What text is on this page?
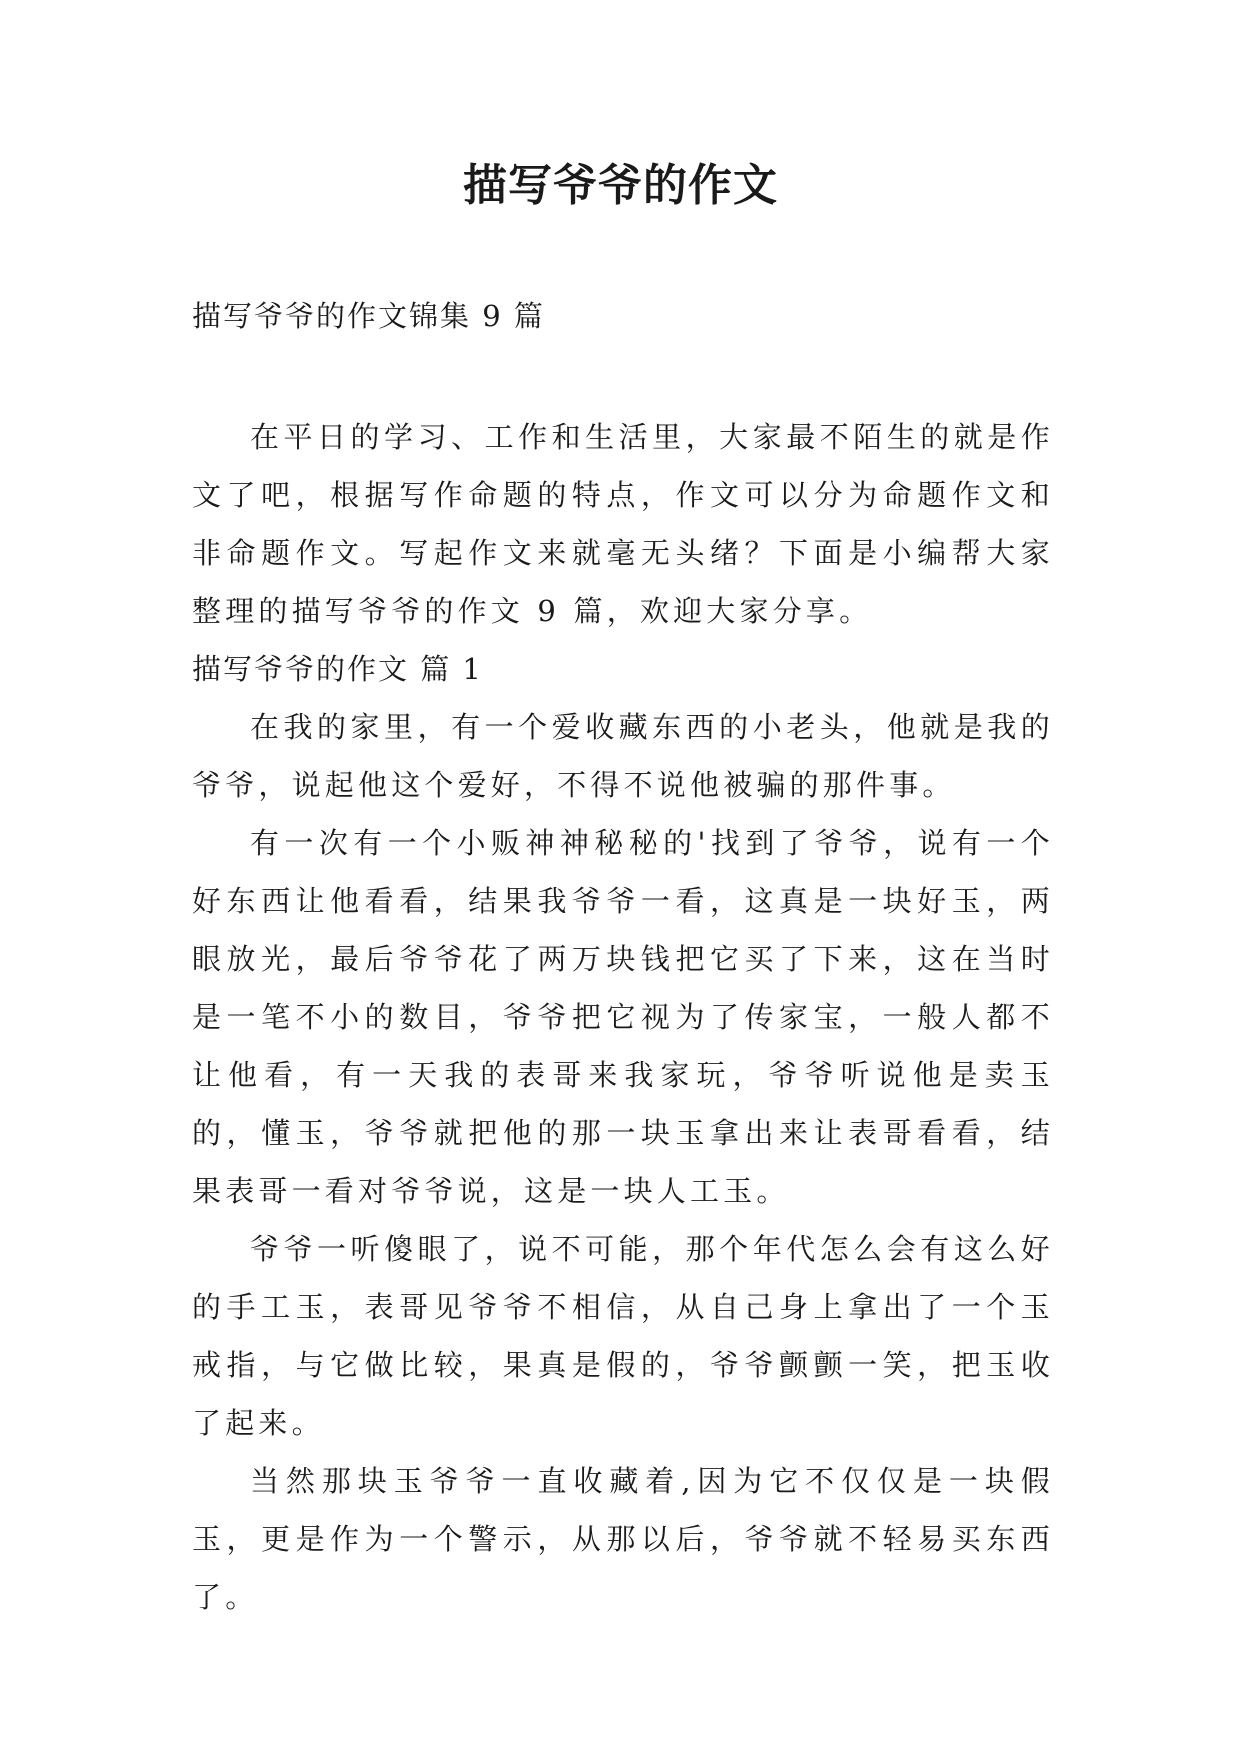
描写爷爷的作文
描写爷爷的作文锦集 9 篇

在平日的学习、工作和生活里，大家最不陌生的就是作文了吧，根据写作命题的特点，作文可以分为命题作文和非命题作文。写起作文来就毫无头绪？下面是小编帮大家整理的描写爷爷的作文 9 篇，欢迎大家分享。

描写爷爷的作文 篇 1

在我的家里，有一个爱收藏东西的小老头，他就是我的爷爷，说起他这个爱好，不得不说他被骗的那件事。

有一次有一个小贩神神秘秘的'找到了爷爷，说有一个好东西让他看看，结果我爷爷一看，这真是一块好玉，两眼放光，最后爷爷花了两万块钱把它买了下来，这在当时是一笔不小的数目，爷爷把它视为了传家宝，一般人都不让他看，有一天我的表哥来我家玩，爷爷听说他是卖玉的，懂玉，爷爷就把他的那一块玉拿出来让表哥看看，结果表哥一看对爷爷说，这是一块人工玉。

爷爷一听傻眼了，说不可能，那个年代怎么会有这么好的手工玉，表哥见爷爷不相信，从自己身上拿出了一个玉戒指，与它做比较，果真是假的，爷爷颤颤一笑，把玉收了起来。

当然那块玉爷爷一直收藏着,因为它不仅仅是一块假玉，更是作为一个警示，从那以后，爷爷就不轻易买东西了。
